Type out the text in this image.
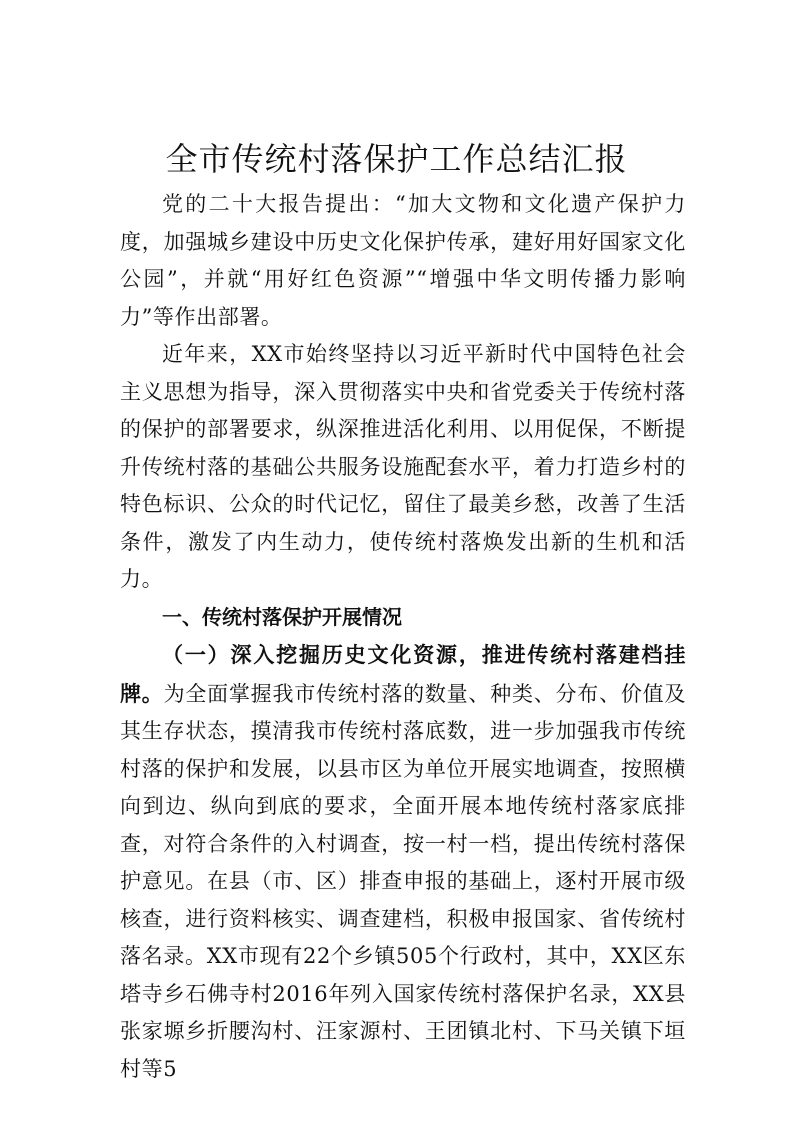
全市传统村落保护工作总结汇报

党的二十大报告提出：“加大文物和文化遗产保护力度，加强城乡建设中历史文化保护传承，建好用好国家文化公园”，并就“用好红色资源”“增强中华文明传播力影响力”等作出部署。

近年来，XX市始终坚持以习近平新时代中国特色社会主义思想为指导，深入贯彻落实中央和省党委关于传统村落的保护的部署要求，纵深推进活化利用、以用促保，不断提升传统村落的基础公共服务设施配套水平，着力打造乡村的特色标识、公众的时代记忆，留住了最美乡愁，改善了生活条件，激发了内生动力，使传统村落焕发出新的生机和活力。

一、传统村落保护开展情况

（一）深入挖掘历史文化资源，推进传统村落建档挂牌。为全面掌握我市传统村落的数量、种类、分布、价值及其生存状态，摸清我市传统村落底数，进一步加强我市传统村落的保护和发展，以县市区为单位开展实地调查，按照横向到边、纵向到底的要求，全面开展本地传统村落家底排查，对符合条件的入村调查，按一村一档，提出传统村落保护意见。在县（市、区）排查申报的基础上，逐村开展市级核查，进行资料核实、调查建档，积极申报国家、省传统村落名录。XX市现有22个乡镇505个行政村，其中，XX区东塔寺乡石佛寺村2016年列入国家传统村落保护名录，XX县张家塬乡折腰沟村、汪家源村、王团镇北村、下马关镇下垣村等5
